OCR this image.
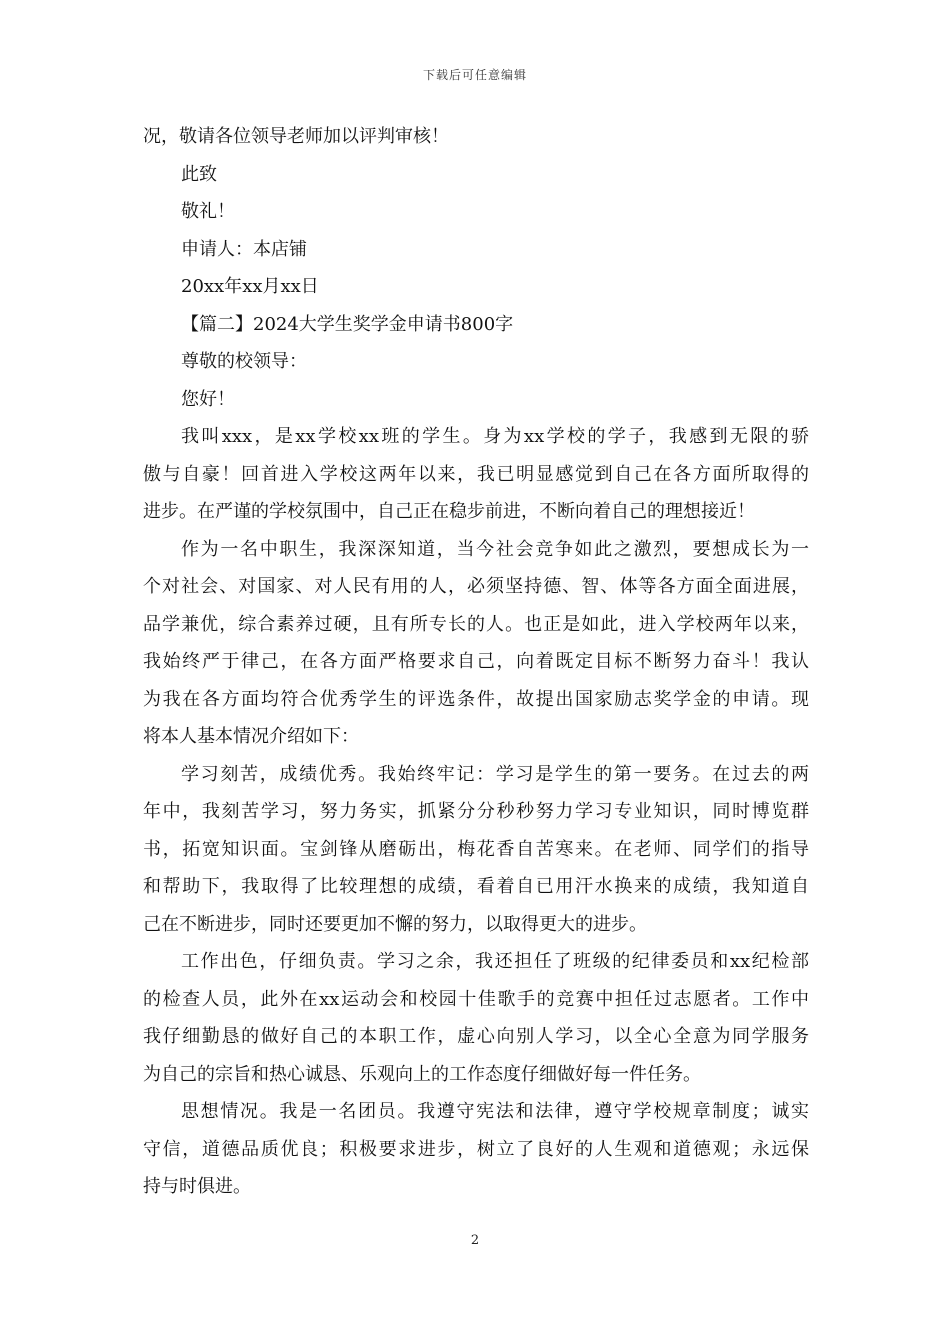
下载后可任意编辑
况，敬请各位领导老师加以评判审核！
此致
敬礼！
申请人：本店铺
20xx年xx月xx日
【篇二】2024大学生奖学金申请书800字
尊敬的校领导：
您好！
我叫xxx，是xx学校xx班的学生。身为xx学校的学子，我感到无限的骄
傲与自豪！回首进入学校这两年以来，我已明显感觉到自己在各方面所取得的
进步。在严谨的学校氛围中，自己正在稳步前进，不断向着自己的理想接近！
作为一名中职生，我深深知道，当今社会竞争如此之激烈，要想成长为一
个对社会、对国家、对人民有用的人，必须坚持德、智、体等各方面全面进展，
品学兼优，综合素养过硬，且有所专长的人。也正是如此，进入学校两年以来，
我始终严于律己，在各方面严格要求自己，向着既定目标不断努力奋斗！我认
为我在各方面均符合优秀学生的评选条件，故提出国家励志奖学金的申请。现
将本人基本情况介绍如下：
学习刻苦，成绩优秀。我始终牢记：学习是学生的第一要务。在过去的两
年中，我刻苦学习，努力务实，抓紧分分秒秒努力学习专业知识，同时博览群
书，拓宽知识面。宝剑锋从磨砺出，梅花香自苦寒来。在老师、同学们的指导
和帮助下，我取得了比较理想的成绩，看着自已用汗水换来的成绩，我知道自
己在不断进步，同时还要更加不懈的努力，以取得更大的进步。
工作出色，仔细负责。学习之余，我还担任了班级的纪律委员和xx纪检部
的检查人员，此外在xx运动会和校园十佳歌手的竞赛中担任过志愿者。工作中
我仔细勤恳的做好自己的本职工作，虚心向别人学习，以全心全意为同学服务
为自己的宗旨和热心诚恳、乐观向上的工作态度仔细做好每一件任务。
思想情况。我是一名团员。我遵守宪法和法律，遵守学校规章制度；诚实
守信，道德品质优良；积极要求进步，树立了良好的人生观和道德观；永远保
持与时俱进。
2
